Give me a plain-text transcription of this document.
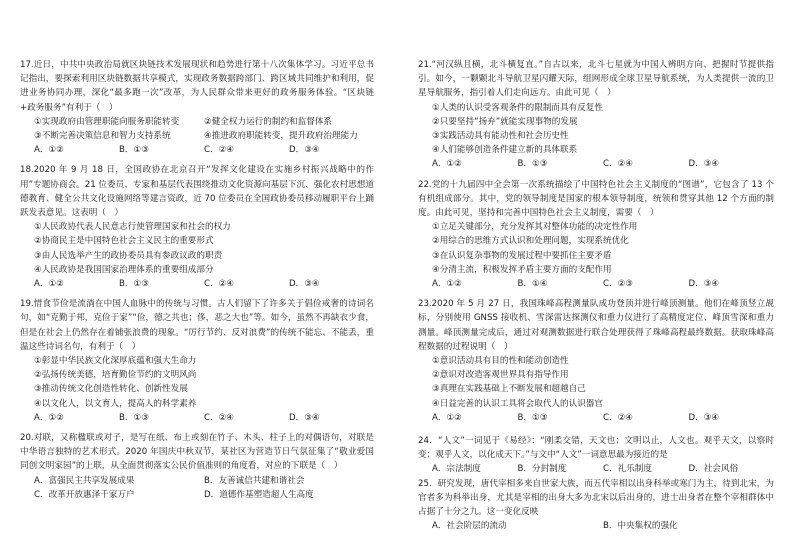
17.近日，中共中央政治局就区块链技术发展现状和趋势进行第十八次集体学习。习近平总书记指出，要探索利用区块链数据共享模式，实现政务数据跨部门、跨区域共同维护和利用，促进业务协同办理，深化“最多跑一次”改革，为人民群众带来更好的政务服务体验。“区块链+政务服务”有利于（　）

①实现政府由管理职能向服务职能转变	②健全权力运行的制约和监督体系
③不断完善决策信息和智力支持系统	④推进政府职能转变，提升政府治理能力
A．①②	B．①③	C．②④	D．③④

18.2020 年 9 月 18 日，全国政协在北京召开“发挥文化建设在实施乡村振兴战略中的作用”专题协商会。21 位委员、专家和基层代表围绕推动文化资源向基层下沉、强化农村思想道德教育、健全公共文化设施网络等建言资政，近 70 位委员在全国政协委员移动履职平台上踊跃发表意见。这表明（　）

①人民政协代表人民意志行使管理国家和社会的权力
②协商民主是中国特色社会主义民主的重要形式
③由人民选举产生的政协委员具有参政议政的职责
④人民政协是我国国家治理体系的重要组成部分
A．①②	B．①③	C．②④	D．③④

19.惜食节俭是流淌在中国人血脉中的传统与习惯。古人们留下了许多关于倡俭戒奢的诗词名句，如“克勤于邦，克俭于家”“俭，德之共也；侈，恶之大也”等。如今，虽然不再缺衣少食，但是在社会上仍然存在着铺张浪费的现象。“厉行节约、反对浪费”的传统不能忘、不能丢，重温这些诗词名句，有利于（　）

①彰显中华民族文化深厚底蕴和强大生命力
②弘扬传统美德，培育勤俭节约的文明风尚
③推动传统文化创造性转化、创新性发展
④以文化人，以文育人，提高人的科学素养
A．①②	B．①③	C．②④	D．③④

20.对联，又称楹联或对子，是写在纸、布上或刻在竹子、木头、柱子上的对偶语句，对联是中华语言独特的艺术形式。2020 年国庆中秋双节，某社区为营造节日气氛征集了“敬业爱国同创文明家园”的上联，从全面贯彻落实公民价值准则的角度看，对应的下联是（　）

A．富强民主共享发展成果	B．友善诚信共建和谐社会
C．改革开放惠泽千家万户	D．道德作基塑造超人生高度

21.“河汉纵且横，北斗横复直。”自古以来，北斗七星就为中国人辨明方向、把握时节提供指引。如今，一颗颗北斗导航卫星闪耀天际，组网形成全球卫星导航系统，为人类提供一流的卫星导航服务，指引着人们走向远方。由此可见（　）

①人类的认识受客观条件的限制而具有反复性
②只要坚持“扬弃”就能实现事物的发展
③实践活动具有能动性和社会历史性
④人们能够创造条件建立新的具体联系
A．①②	B．①③	C．②④	D．③④

22.党的十九届四中全会第一次系统描绘了中国特色社会主义制度的“图谱”，它包含了 13 个有机组成部分。其中，党的领导制度是国家的根本领导制度，统领和贯穿其他 12 个方面的制度。由此可见，坚持和完善中国特色社会主义制度，需要（　）

①立足关键部分，充分发挥其对整体功能的决定性作用
②用综合的思维方式认识和处理问题，实现系统优化
③在认识复杂事物的发展过程中要抓住主要矛盾
④分清主流，积极发挥矛盾主要方面的支配作用
A．①②	B．①④	C．②③	D．③④

23.2020 年 5 月 27 日，我国珠峰高程测量队成功登顶并进行峰顶测量。他们在峰顶竖立觇标，分别使用 GNSS 接收机、雪深雷达探测仪和重力仪进行了高精度定位、峰顶雪深和重力测量。峰顶测量完成后，通过对观测数据进行联合处理获得了珠峰高程最终数据。获取珠峰高程数据的过程说明（　）

①意识活动具有目的性和能动创造性
②意识对改造客观世界具有指导作用
③真理在实践基础上不断发展和超越自己
④日益完善的认识工具将会取代人的认识器官
A．①②	B．①③	C．②④	D．③④

24．“人文”一词见于《易经》：“刚柔交错，天文也；文明以止，人文也。观乎天文，以察时变；观乎人文，以化成天下。”与文中“人文”一词意思最为接近的是

A．宗法制度	B．分封制度	C．礼乐制度	D．社会风俗

25．研究发现，唐代宰相多来自世家大族，而五代宰相以出身科举或寒门为主，待到北宋，为官者多为科举出身，尤其是宰相的出身大多为北宋以后出身的，进士出身者在整个宰相群体中占据了十分之九。这一变化反映

A．社会阶层的流动	B．中央集权的强化
